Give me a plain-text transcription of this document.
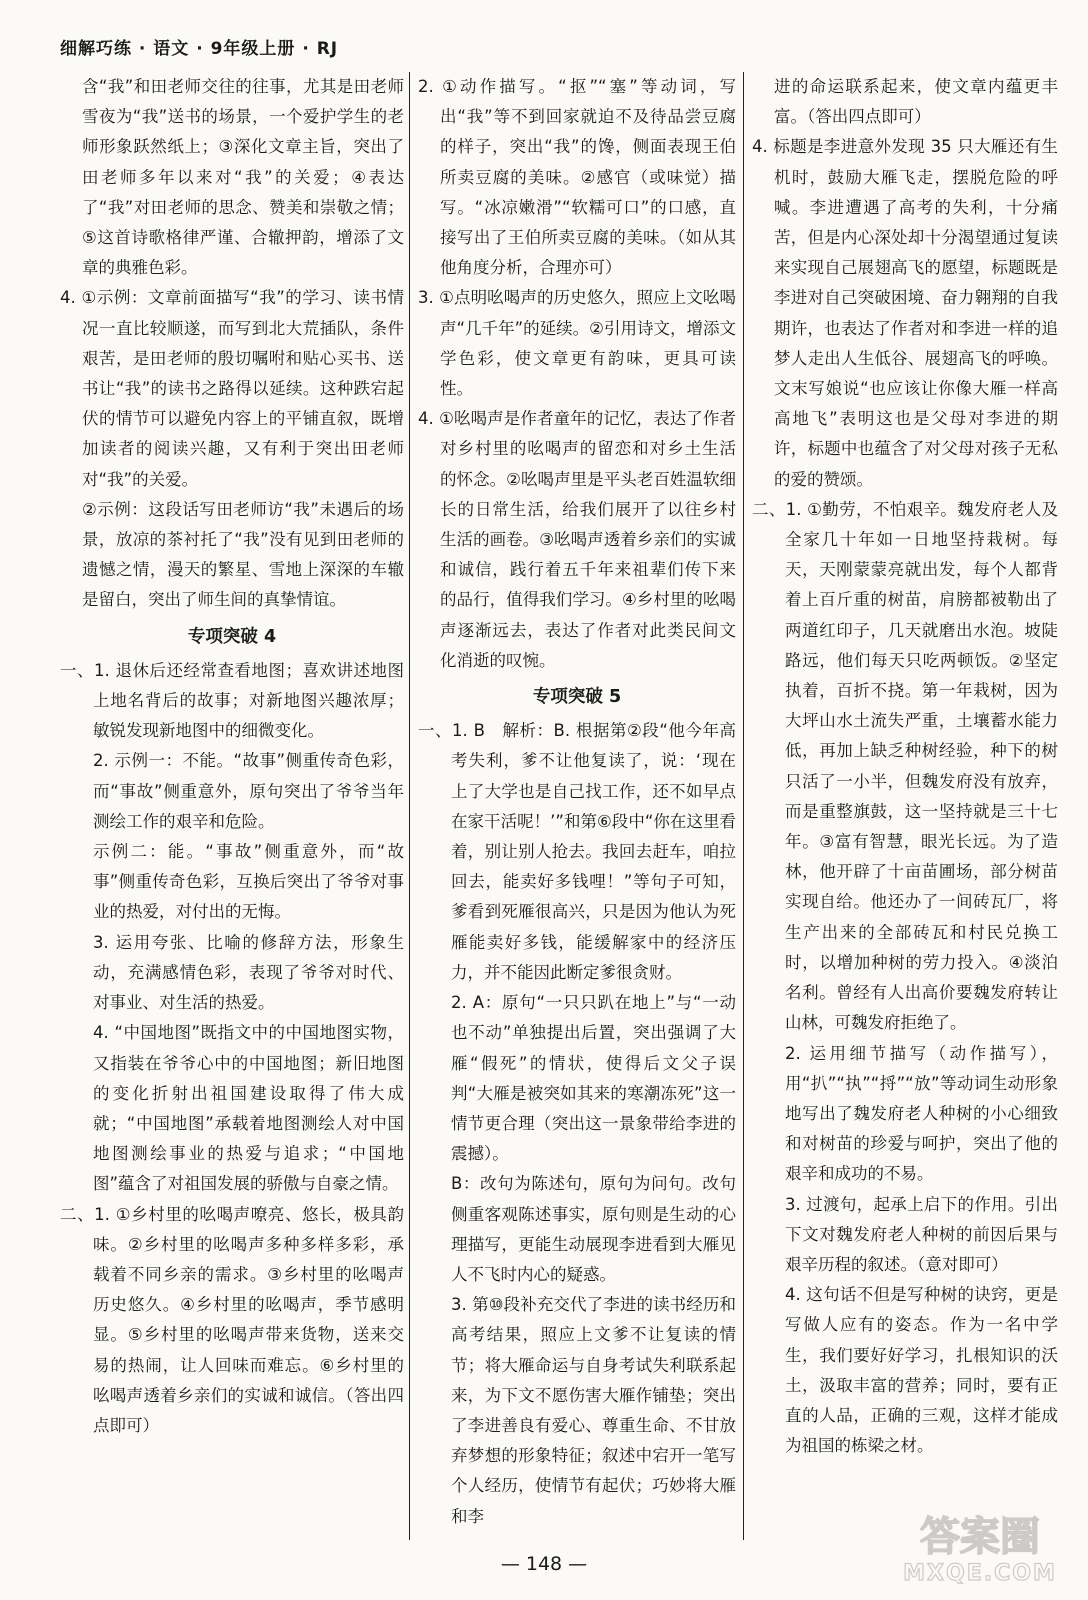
细解巧练 · 语文 · 9年级上册 · RJ

含“我”和田老师交往的往事，尤其是田老师雪夜为“我”送书的场景，一个爱护学生的老师形象跃然纸上；③深化文章主旨，突出了田老师多年以来对“我”的关爱；④表达了“我”对田老师的思念、赞美和崇敬之情；⑤这首诗歌格律严谨、合辙押韵，增添了文章的典雅色彩。

4. ①示例：文章前面描写“我”的学习、读书情况一直比较顺遂，而写到北大荒插队，条件艰苦，是田老师的殷切嘱咐和贴心买书、送书让“我”的读书之路得以延续。这种跌宕起伏的情节可以避免内容上的平铺直叙，既增加读者的阅读兴趣，又有利于突出田老师对“我”的关爱。

②示例：这段话写田老师访“我”未遇后的场景，放凉的茶衬托了“我”没有见到田老师的遗憾之情，漫天的繁星、雪地上深深的车辙是留白，突出了师生间的真挚情谊。

专项突破 4

一、1. 退休后还经常查看地图；喜欢讲述地图上地名背后的故事；对新地图兴趣浓厚；敏锐发现新地图中的细微变化。

2. 示例一：不能。“故事”侧重传奇色彩，而“事故”侧重意外，原句突出了爷爷当年测绘工作的艰辛和危险。

示例二：能。“事故”侧重意外，而“故事”侧重传奇色彩，互换后突出了爷爷对事业的热爱，对付出的无悔。

3. 运用夸张、比喻的修辞方法，形象生动，充满感情色彩，表现了爷爷对时代、对事业、对生活的热爱。

4. “中国地图”既指文中的中国地图实物，又指装在爷爷心中的中国地图；新旧地图的变化折射出祖国建设取得了伟大成就；“中国地图”承载着地图测绘人对中国地图测绘事业的热爱与追求；“中国地图”蕴含了对祖国发展的骄傲与自豪之情。

二、1. ①乡村里的吆喝声嘹亮、悠长，极具韵味。②乡村里的吆喝声多种多样多彩，承载着不同乡亲的需求。③乡村里的吆喝声历史悠久。④乡村里的吆喝声，季节感明显。⑤乡村里的吆喝声带来货物，送来交易的热闹，让人回味而难忘。⑥乡村里的吆喝声透着乡亲们的实诚和诚信。（答出四点即可）

2. ①动作描写。“抠”“塞”等动词，写出“我”等不到回家就迫不及待品尝豆腐的样子，突出“我”的馋，侧面表现王伯所卖豆腐的美味。②感官（或味觉）描写。“冰凉嫩滑”“软糯可口”的口感，直接写出了王伯所卖豆腐的美味。（如从其他角度分析，合理亦可）

3. ①点明吆喝声的历史悠久，照应上文吆喝声“几千年”的延续。②引用诗文，增添文学色彩，使文章更有韵味，更具可读性。

4. ①吆喝声是作者童年的记忆，表达了作者对乡村里的吆喝声的留恋和对乡土生活的怀念。②吆喝声里是平头老百姓温软细长的日常生活，给我们展开了以往乡村生活的画卷。③吆喝声透着乡亲们的实诚和诚信，践行着五千年来祖辈们传下来的品行，值得我们学习。④乡村里的吆喝声逐渐远去，表达了作者对此类民间文化消逝的叹惋。

专项突破 5

一、1. B　解析：B. 根据第②段“他今年高考失利，爹不让他复读了，说：‘现在上了大学也是自己找工作，还不如早点在家干活呢！’”和第⑥段中“你在这里看着，别让别人抢去。我回去赶车，咱拉回去，能卖好多钱哩！”等句子可知，爹看到死雁很高兴，只是因为他认为死雁能卖好多钱，能缓解家中的经济压力，并不能因此断定爹很贪财。

2. A：原句“一只只趴在地上”与“一动也不动”单独提出后置，突出强调了大雁“假死”的情状，使得后文父子误判“大雁是被突如其来的寒潮冻死”这一情节更合理（突出这一景象带给李进的震撼）。

B：改句为陈述句，原句为问句。改句侧重客观陈述事实，原句则是生动的心理描写，更能生动展现李进看到大雁见人不飞时内心的疑惑。

3. 第⑩段补充交代了李进的读书经历和高考结果，照应上文爹不让复读的情节；将大雁命运与自身考试失利联系起来，为下文不愿伤害大雁作铺垫；突出了李进善良有爱心、尊重生命、不甘放弃梦想的形象特征；叙述中宕开一笔写个人经历，使情节有起伏；巧妙将大雁和李

进的命运联系起来，使文章内蕴更丰富。（答出四点即可）

4. 标题是李进意外发现 35 只大雁还有生机时，鼓励大雁飞走，摆脱危险的呼喊。李进遭遇了高考的失利，十分痛苦，但是内心深处却十分渴望通过复读来实现自己展翅高飞的愿望，标题既是李进对自己突破困境、奋力翱翔的自我期许，也表达了作者对和李进一样的追梦人走出人生低谷、展翅高飞的呼唤。文末写娘说“也应该让你像大雁一样高高地飞”表明这也是父母对李进的期许，标题中也蕴含了对父母对孩子无私的爱的赞颂。

二、1. ①勤劳，不怕艰辛。魏发府老人及全家几十年如一日地坚持栽树。每天，天刚蒙蒙亮就出发，每个人都背着上百斤重的树苗，肩膀都被勒出了两道红印子，几天就磨出水泡。坡陡路远，他们每天只吃两顿饭。②坚定执着，百折不挠。第一年栽树，因为大坪山水土流失严重，土壤蓄水能力低，再加上缺乏种树经验，种下的树只活了一小半，但魏发府没有放弃，而是重整旗鼓，这一坚持就是三十七年。③富有智慧，眼光长远。为了造林，他开辟了十亩苗圃场，部分树苗实现自给。他还办了一间砖瓦厂，将生产出来的全部砖瓦和村民兑换工时，以增加种树的劳力投入。④淡泊名利。曾经有人出高价要魏发府转让山林，可魏发府拒绝了。

2. 运用细节描写（动作描写），用“扒”“执”“捋”“放”等动词生动形象地写出了魏发府老人种树的小心细致和对树苗的珍爱与呵护，突出了他的艰辛和成功的不易。

3. 过渡句，起承上启下的作用。引出下文对魏发府老人种树的前因后果与艰辛历程的叙述。（意对即可）

4. 这句话不但是写种树的诀窍，更是写做人应有的姿态。作为一名中学生，我们要好好学习，扎根知识的沃土，汲取丰富的营养；同时，要有正直的人品，正确的三观，这样才能成为祖国的栋梁之材。

— 148 —
答案圈
MXQE.COM
